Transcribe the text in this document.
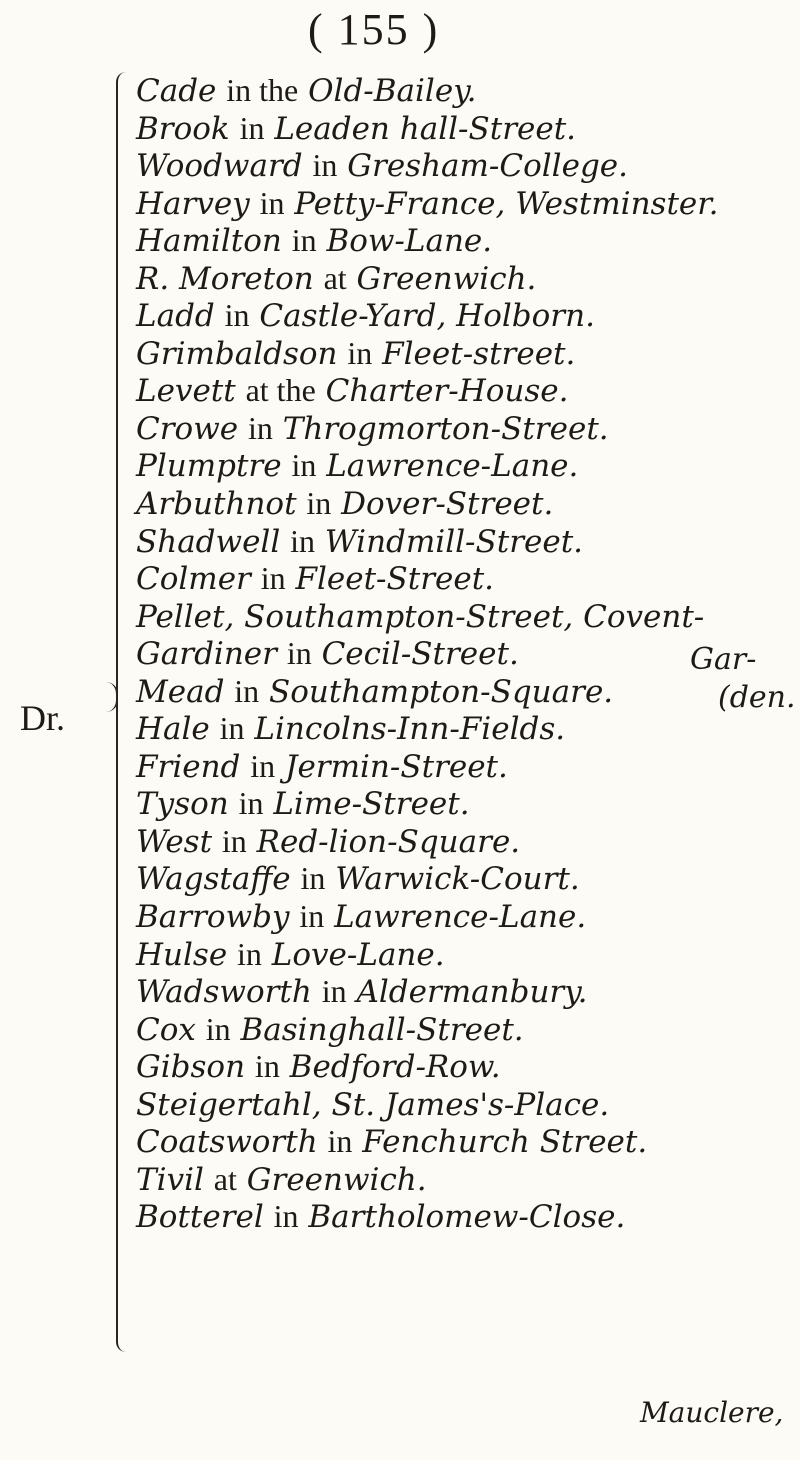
( 155 )
Dr.
Cade in the Old-Bailey.
Brook in Leaden hall-Street.
Woodward in Gresham-College.
Harvey in Petty-France, Westminster.
Hamilton in Bow-Lane.
R. Moreton at Greenwich.
Ladd in Castle-Yard, Holborn.
Grimbaldson in Fleet-street.
Levett at the Charter-House.
Crowe in Throgmorton-Street.
Plumptre in Lawrence-Lane.
Arbuthnot in Dover-Street.
Shadwell in Windmill-Street.
Colmer in Fleet-Street.
Pellet, Southampton-Street, Covent-
Gardiner in Cecil-Street.
Mead in Southampton-Square.
Hale in Lincolns-Inn-Fields.
Friend in Jermin-Street.
Tyson in Lime-Street.
West in Red-lion-Square.
Wagstaffe in Warwick-Court.
Barrowby in Lawrence-Lane.
Hulse in Love-Lane.
Wadsworth in Aldermanbury.
Cox in Basinghall-Street.
Gibson in Bedford-Row.
Steigertahl, St. James's-Place.
Coatsworth in Fenchurch Street.
Tivil at Greenwich.
Botterel in Bartholomew-Close.
Gar-
(den.
Mauclere,
